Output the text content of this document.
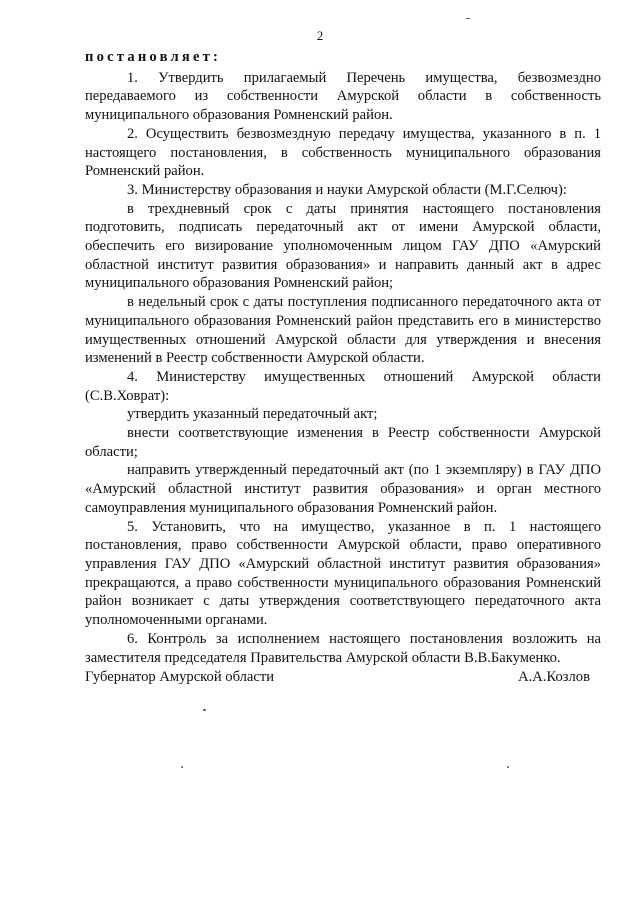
2

постановляет:

1. Утвердить прилагаемый Перечень имущества, безвозмездно передаваемого из собственности Амурской области в собственность муниципального образования Ромненский район.

2. Осуществить безвозмездную передачу имущества, указанного в п. 1 настоящего постановления, в собственность муниципального образования Ромненский район.

3. Министерству образования и науки Амурской области (М.Г.Селюч):

в трехдневный срок с даты принятия настоящего постановления подготовить, подписать передаточный акт от имени Амурской области, обеспечить его визирование уполномоченным лицом ГАУ ДПО «Амурский областной институт развития образования» и направить данный акт в адрес муниципального образования Ромненский район;

в недельный срок с даты поступления подписанного передаточного акта от муниципального образования Ромненский район представить его в министерство имущественных отношений Амурской области для утверждения и внесения изменений в Реестр собственности Амурской области.

4. Министерству имущественных отношений Амурской области (С.В.Ховрат):

утвердить указанный передаточный акт;

внести соответствующие изменения в Реестр собственности Амурской области;

направить утвержденный передаточный акт (по 1 экземпляру) в ГАУ ДПО «Амурский областной институт развития образования» и орган местного самоуправления муниципального образования Ромненский район.

5. Установить, что на имущество, указанное в п. 1 настоящего постановления, право собственности Амурской области, право оперативного управления ГАУ ДПО «Амурский областной институт развития образования» прекращаются, а право собственности муниципального образования Ромненский район возникает с даты утверждения соответствующего передаточного акта уполномоченными органами.

6. Контроль за исполнением настоящего постановления возложить на заместителя председателя Правительства Амурской области В.В.Бакуменко.

Губернатор Амурской области	А.А.Козлов
